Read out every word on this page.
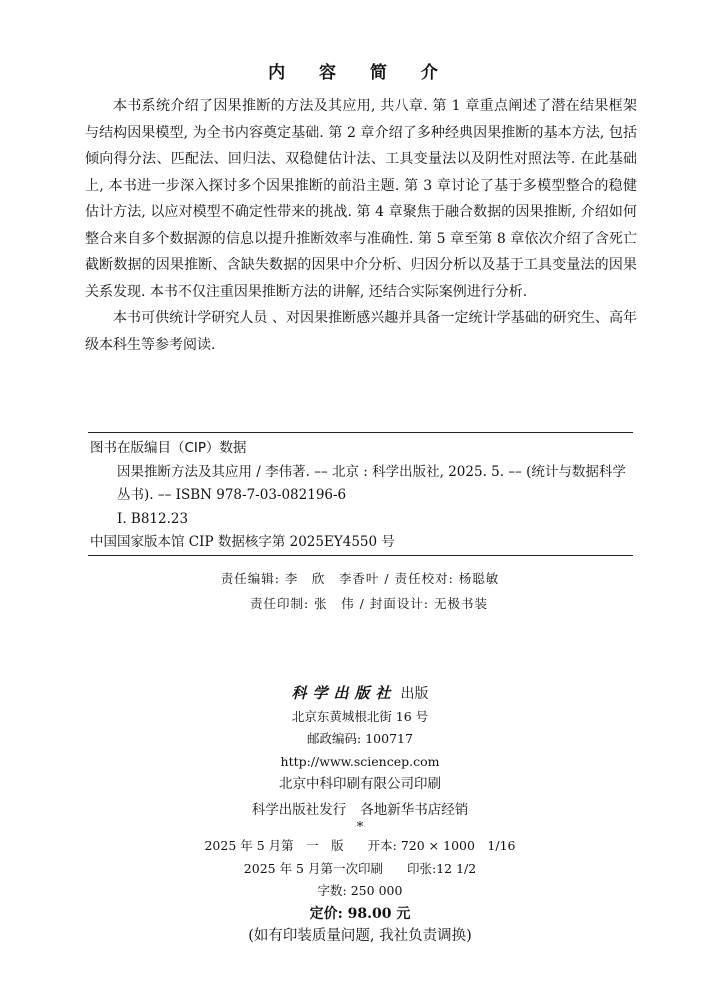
内 容 简 介

本书系统介绍了因果推断的方法及其应用, 共八章. 第 1 章重点阐述了潜在结果框架与结构因果模型, 为全书内容奠定基础. 第 2 章介绍了多种经典因果推断的基本方法, 包括倾向得分法、匹配法、回归法、双稳健估计法、工具变量法以及阴性对照法等. 在此基础上, 本书进一步深入探讨多个因果推断的前沿主题. 第 3 章讨论了基于多模型整合的稳健估计方法, 以应对模型不确定性带来的挑战. 第 4 章聚焦于融合数据的因果推断, 介绍如何整合来自多个数据源的信息以提升推断效率与准确性. 第 5 章至第 8 章依次介绍了含死亡截断数据的因果推断、含缺失数据的因果中介分析、归因分析以及基于工具变量法的因果关系发现. 本书不仅注重因果推断方法的讲解, 还结合实际案例进行分析.

本书可供统计学研究人员 、对因果推断感兴趣并具备一定统计学基础的研究生、高年级本科生等参考阅读.

图书在版编目（CIP）数据
因果推断方法及其应用 / 李伟著. –– 北京 : 科学出版社, 2025. 5. –– (统计与数据科学丛书). –– ISBN 978-7-03-082196-6
I. B812.23
中国国家版本馆 CIP 数据核字第 2025EY4550 号
责任编辑: 李　欣　李香叶 / 责任校对: 杨聪敏
责任印制: 张　伟 / 封面设计: 无极书装
科学出版社 出版
北京东黄城根北街 16 号
邮政编码: 100717
http://www.sciencep.com
北京中科印刷有限公司印刷
科学出版社发行 各地新华书店经销
*
2025 年 5 月第　一　版 开本: 720 × 1000　1/16
2025 年 5 月第一次印刷 印张:12 1/2
字数: 250 000
定价: 98.00 元
(如有印装质量问题, 我社负责调换)
